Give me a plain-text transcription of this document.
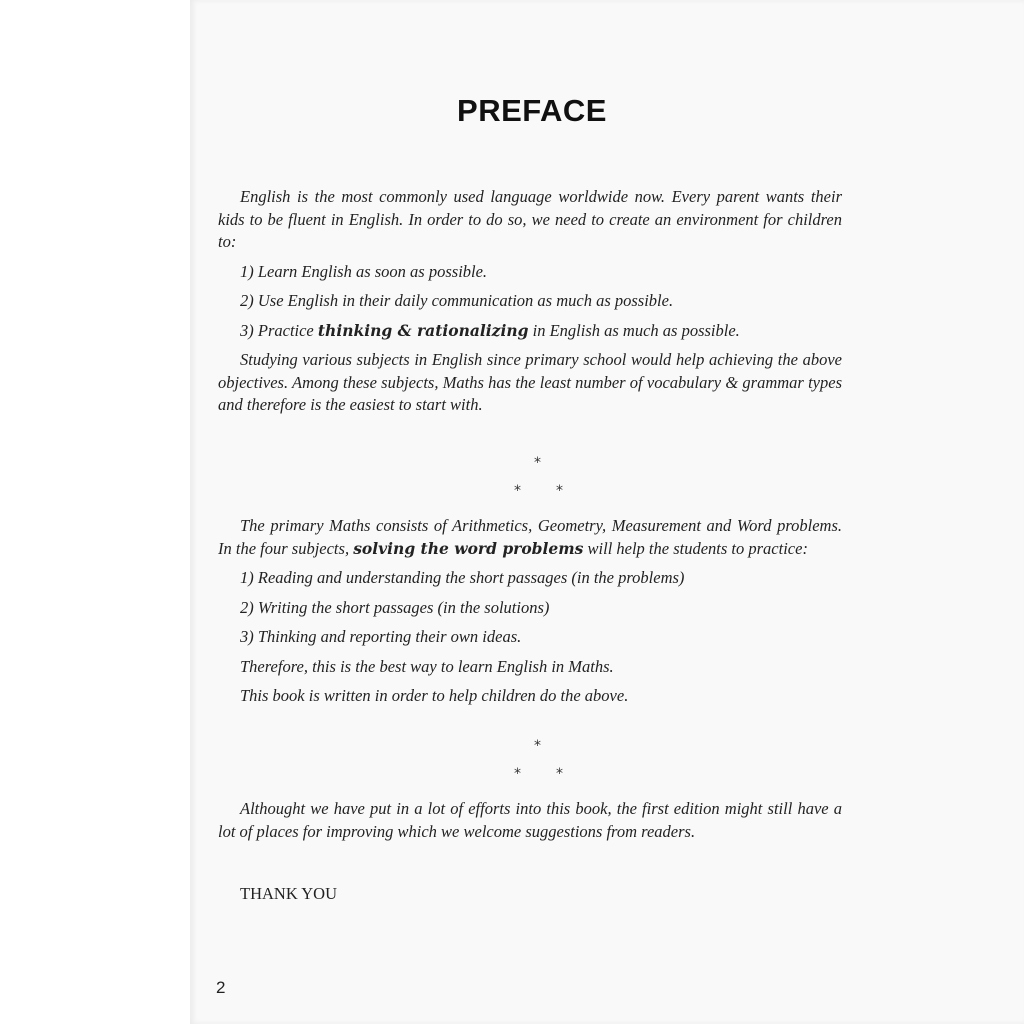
PREFACE

English is the most commonly used language worldwide now. Every parent wants their kids to be fluent in English. In order to do so, we need to create an environment for children to:

1) Learn English as soon as possible.

2) Use English in their daily communication as much as possible.

3) Practice thinking & rationalizing in English as much as possible.

Studying various subjects in English since primary school would help achieving the above objectives. Among these subjects, Maths has the least number of vocabulary & grammar types and therefore is the easiest to start with.

*
*	*

The primary Maths consists of Arithmetics, Geometry, Measurement and Word problems. In the four subjects, solving the word problems will help the students to practice:

1) Reading and understanding the short passages (in the problems)

2) Writing the short passages (in the solutions)

3) Thinking and reporting their own ideas.

Therefore, this is the best way to learn English in Maths.

This book is written in order to help children do the above.

*
*	*

Althought we have put in a lot of efforts into this book, the first edition might still have a lot of places for improving which we welcome suggestions from readers.

THANK YOU
2
